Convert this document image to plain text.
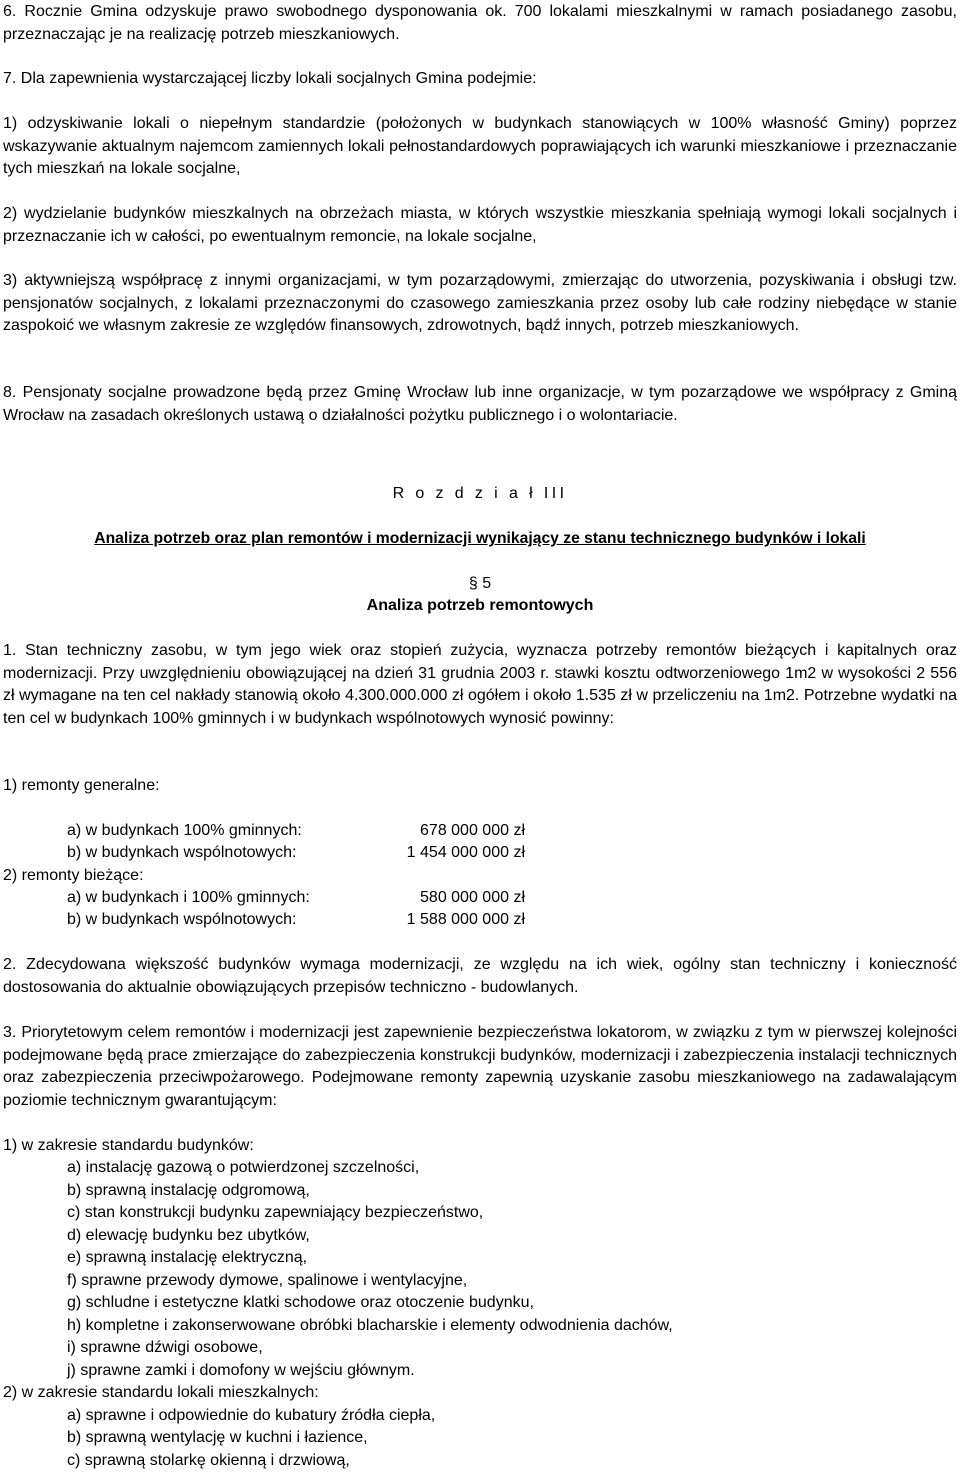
6. Rocznie Gmina odzyskuje prawo swobodnego dysponowania ok. 700 lokalami mieszkalnymi w ramach posiadanego zasobu, przeznaczając je na realizację potrzeb mieszkaniowych.

7. Dla zapewnienia wystarczającej liczby lokali socjalnych Gmina podejmie:

1) odzyskiwanie lokali o niepełnym standardzie (położonych w budynkach stanowiących w 100% własność Gminy) poprzez wskazywanie aktualnym najemcom zamiennych lokali pełnostandardowych poprawiających ich warunki mieszkaniowe i przeznaczanie tych mieszkań na lokale socjalne,

2) wydzielanie budynków mieszkalnych na obrzeżach miasta, w których wszystkie mieszkania spełniają wymogi lokali socjalnych i przeznaczanie ich w całości, po ewentualnym remoncie, na lokale socjalne,

3) aktywniejszą współpracę z innymi organizacjami, w tym pozarządowymi, zmierzając do utworzenia, pozyskiwania i obsługi tzw. pensjonatów socjalnych, z lokalami przeznaczonymi do czasowego zamieszkania przez osoby lub całe rodziny niebędące w stanie zaspokoić we własnym zakresie ze względów finansowych, zdrowotnych, bądź innych, potrzeb mieszkaniowych.

8. Pensjonaty socjalne prowadzone będą przez Gminę Wrocław lub inne organizacje, w tym pozarządowe we współpracy z Gminą Wrocław na zasadach określonych ustawą o działalności pożytku publicznego i o wolontariacie.

R o z d z i a ł III

Analiza potrzeb oraz plan remontów i modernizacji wynikający ze stanu technicznego budynków i lokali

§ 5

Analiza potrzeb remontowych

1. Stan techniczny zasobu, w tym jego wiek oraz stopień zużycia, wyznacza potrzeby remontów bieżących i kapitalnych oraz modernizacji. Przy uwzględnieniu obowiązującej na dzień 31 grudnia 2003 r. stawki kosztu odtworzeniowego 1m2 w wysokości 2 556 zł wymagane na ten cel nakłady stanowią około 4.300.000.000 zł ogółem i około 1.535 zł w przeliczeniu na 1m2. Potrzebne wydatki na ten cel w budynkach 100% gminnych i w budynkach wspólnotowych wynosić powinny:

1) remonty generalne:
a) w budynkach 100% gminnych:	678 000 000 zł
b) w budynkach wspólnotowych:	1 454 000 000 zł
2) remonty bieżące:
a) w budynkach i 100% gminnych:	580 000 000 zł
b) w budynkach wspólnotowych:	1 588 000 000 zł

2. Zdecydowana większość budynków wymaga modernizacji, ze względu na ich wiek, ogólny stan techniczny i konieczność dostosowania do aktualnie obowiązujących przepisów techniczno - budowlanych.

3. Priorytetowym celem remontów i modernizacji jest zapewnienie bezpieczeństwa lokatorom, w związku z tym w pierwszej kolejności podejmowane będą prace zmierzające do zabezpieczenia konstrukcji budynków, modernizacji i zabezpieczenia instalacji technicznych oraz zabezpieczenia przeciwpożarowego. Podejmowane remonty zapewnią uzyskanie zasobu mieszkaniowego na zadawalającym poziomie technicznym gwarantującym:

1) w zakresie standardu budynków:
a) instalację gazową o potwierdzonej szczelności,
b) sprawną instalację odgromową,
c) stan konstrukcji budynku zapewniający bezpieczeństwo,
d) elewację budynku bez ubytków,
e) sprawną instalację elektryczną,
f) sprawne przewody dymowe, spalinowe i wentylacyjne,
g) schludne i estetyczne klatki schodowe oraz otoczenie budynku,
h) kompletne i zakonserwowane obróbki blacharskie i elementy odwodnienia dachów,
i) sprawne dźwigi osobowe,
j) sprawne zamki i domofony w wejściu głównym.
2) w zakresie standardu lokali mieszkalnych:
a) sprawne i odpowiednie do kubatury źródła ciepła,
b) sprawną wentylację w kuchni i łazience,
c) sprawną stolarkę okienną i drzwiową,
